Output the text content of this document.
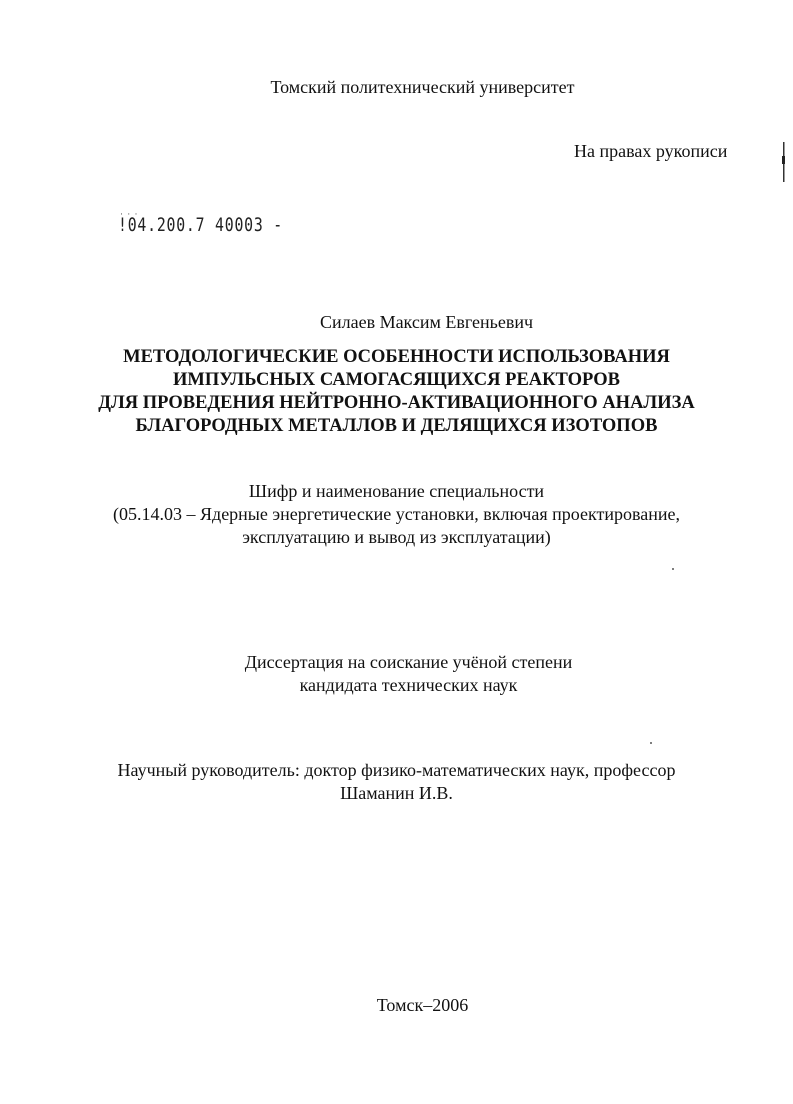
Томский политехнический университет
На правах рукописи
· · ·
!04.200.7 40003 -
Силаев Максим Евгеньевич
МЕТОДОЛОГИЧЕСКИЕ ОСОБЕННОСТИ ИСПОЛЬЗОВАНИЯ
ИМПУЛЬСНЫХ САМОГАСЯЩИХСЯ РЕАКТОРОВ
ДЛЯ ПРОВЕДЕНИЯ НЕЙТРОННО-АКТИВАЦИОННОГО АНАЛИЗА
БЛАГОРОДНЫХ МЕТАЛЛОВ И ДЕЛЯЩИХСЯ ИЗОТОПОВ
Шифр и наименование специальности
(05.14.03 – Ядерные энергетические установки, включая проектирование,
эксплуатацию и вывод из эксплуатации)
Диссертация на соискание учёной степени
кандидата технических наук
Научный руководитель: доктор физико-математических наук, профессор
Шаманин И.В.
Томск–2006
